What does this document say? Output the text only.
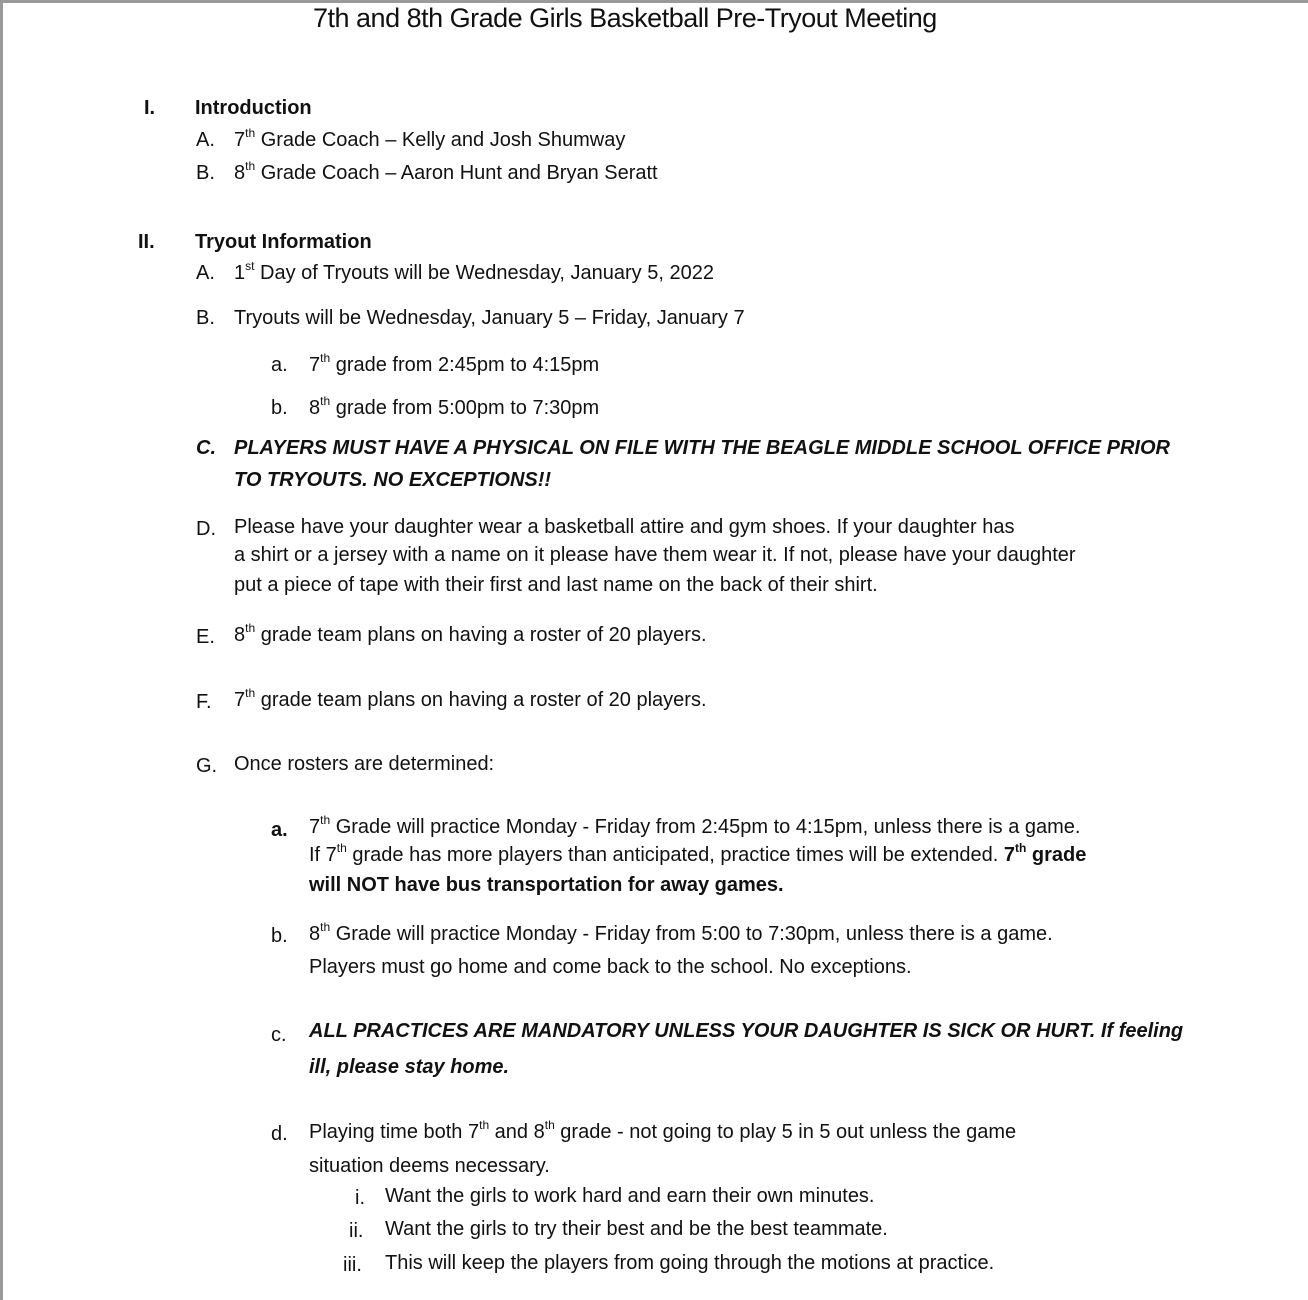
7th and 8th Grade Girls Basketball Pre-Tryout Meeting
I. Introduction
A. 7th Grade Coach – Kelly and Josh Shumway
B. 8th Grade Coach – Aaron Hunt and Bryan Seratt
II. Tryout Information
A. 1st Day of Tryouts will be Wednesday, January 5, 2022
B. Tryouts will be Wednesday, January 5 – Friday, January 7
a. 7th grade from 2:45pm to 4:15pm
b. 8th grade from 5:00pm to 7:30pm
C. PLAYERS MUST HAVE A PHYSICAL ON FILE WITH THE BEAGLE MIDDLE SCHOOL OFFICE PRIOR
TO TRYOUTS. NO EXCEPTIONS!!
D. Please have your daughter wear a basketball attire and gym shoes. If your daughter has
a shirt or a jersey with a name on it please have them wear it. If not, please have your daughter
put a piece of tape with their first and last name on the back of their shirt.
E. 8th grade team plans on having a roster of 20 players.
F. 7th grade team plans on having a roster of 20 players.
G. Once rosters are determined:
a. 7th Grade will practice Monday - Friday from 2:45pm to 4:15pm, unless there is a game.
If 7th grade has more players than anticipated, practice times will be extended. 7th grade
will NOT have bus transportation for away games.
b. 8th Grade will practice Monday - Friday from 5:00 to 7:30pm, unless there is a game.
Players must go home and come back to the school. No exceptions.
c. ALL PRACTICES ARE MANDATORY UNLESS YOUR DAUGHTER IS SICK OR HURT. If feeling
ill, please stay home.
d. Playing time both 7th and 8th grade - not going to play 5 in 5 out unless the game
situation deems necessary.
i. Want the girls to work hard and earn their own minutes.
ii. Want the girls to try their best and be the best teammate.
iii. This will keep the players from going through the motions at practice.
